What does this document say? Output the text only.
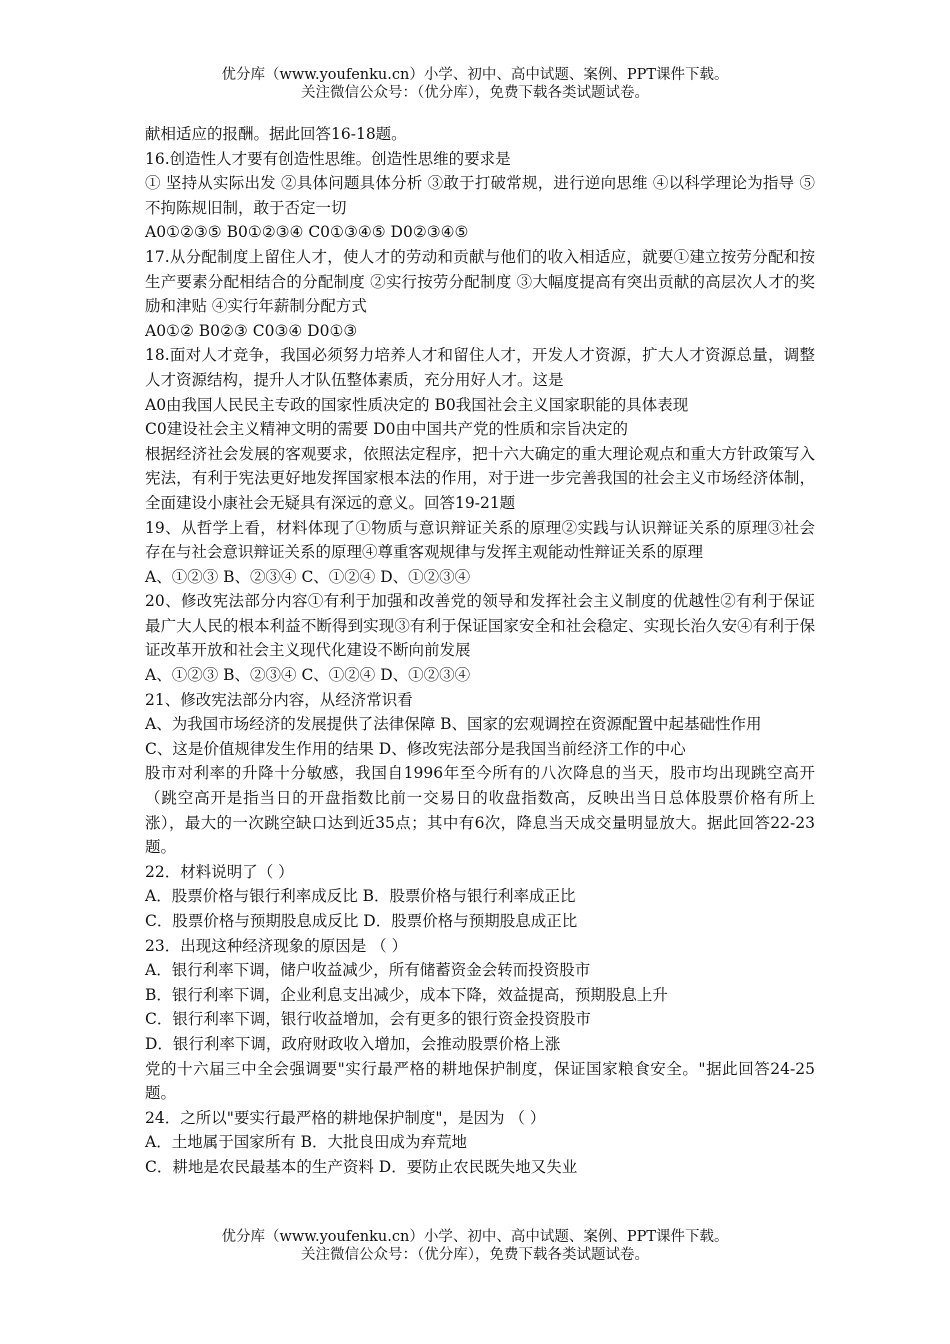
优分库（www.youfenku.cn）小学、初中、高中试题、案例、PPT课件下载。
关注微信公众号：（优分库），免费下载各类试题试卷。

献相适应的报酬。据此回答16-18题。

16.创造性人才要有创造性思维。创造性思维的要求是

① 坚持从实际出发 ②具体问题具体分析 ③敢于打破常规，进行逆向思维 ④以科学理论为指导 ⑤不拘陈规旧制，敢于否定一切

A0①②③⑤ B0①②③④ C0①③④⑤ D0②③④⑤

17.从分配制度上留住人才，使人才的劳动和贡献与他们的收入相适应，就要①建立按劳分配和按生产要素分配相结合的分配制度 ②实行按劳分配制度 ③大幅度提高有突出贡献的高层次人才的奖励和津贴 ④实行年薪制分配方式

A0①② B0②③ C0③④ D0①③

18.面对人才竞争，我国必须努力培养人才和留住人才，开发人才资源，扩大人才资源总量，调整人才资源结构，提升人才队伍整体素质，充分用好人才。这是

A0由我国人民民主专政的国家性质决定的 B0我国社会主义国家职能的具体表现

C0建设社会主义精神文明的需要 D0由中国共产党的性质和宗旨决定的

根据经济社会发展的客观要求，依照法定程序，把十六大确定的重大理论观点和重大方针政策写入宪法，有利于宪法更好地发挥国家根本法的作用，对于进一步完善我国的社会主义市场经济体制，全面建设小康社会无疑具有深远的意义。回答19-21题

19、从哲学上看，材料体现了①物质与意识辩证关系的原理②实践与认识辩证关系的原理③社会存在与社会意识辩证关系的原理④尊重客观规律与发挥主观能动性辩证关系的原理

A、①②③ B、②③④ C、①②④ D、①②③④

20、修改宪法部分内容①有利于加强和改善党的领导和发挥社会主义制度的优越性②有利于保证最广大人民的根本利益不断得到实现③有利于保证国家安全和社会稳定、实现长治久安④有利于保证改革开放和社会主义现代化建设不断向前发展

A、①②③ B、②③④ C、①②④ D、①②③④

21、修改宪法部分内容，从经济常识看

A、为我国市场经济的发展提供了法律保障 B、国家的宏观调控在资源配置中起基础性作用

C、这是价值规律发生作用的结果 D、修改宪法部分是我国当前经济工作的中心

股市对利率的升降十分敏感，我国自1996年至今所有的八次降息的当天，股市均出现跳空高开（跳空高开是指当日的开盘指数比前一交易日的收盘指数高，反映出当日总体股票价格有所上涨），最大的一次跳空缺口达到近35点；其中有6次，降息当天成交量明显放大。据此回答22-23题。

22．材料说明了（ ）

A．股票价格与银行利率成反比 B．股票价格与银行利率成正比

C．股票价格与预期股息成反比 D．股票价格与预期股息成正比

23．出现这种经济现象的原因是 （ ）

A．银行利率下调，储户收益减少，所有储蓄资金会转而投资股市

B．银行利率下调，企业利息支出减少，成本下降，效益提高，预期股息上升

C．银行利率下调，银行收益增加，会有更多的银行资金投资股市

D．银行利率下调，政府财政收入增加，会推动股票价格上涨

党的十六届三中全会强调要"实行最严格的耕地保护制度，保证国家粮食安全。"据此回答24-25题。

24．之所以"要实行最严格的耕地保护制度"，是因为 （ ）

A．土地属于国家所有 B．大批良田成为弃荒地

C．耕地是农民最基本的生产资料 D．要防止农民既失地又失业

优分库（www.youfenku.cn）小学、初中、高中试题、案例、PPT课件下载。
关注微信公众号：（优分库），免费下载各类试题试卷。
